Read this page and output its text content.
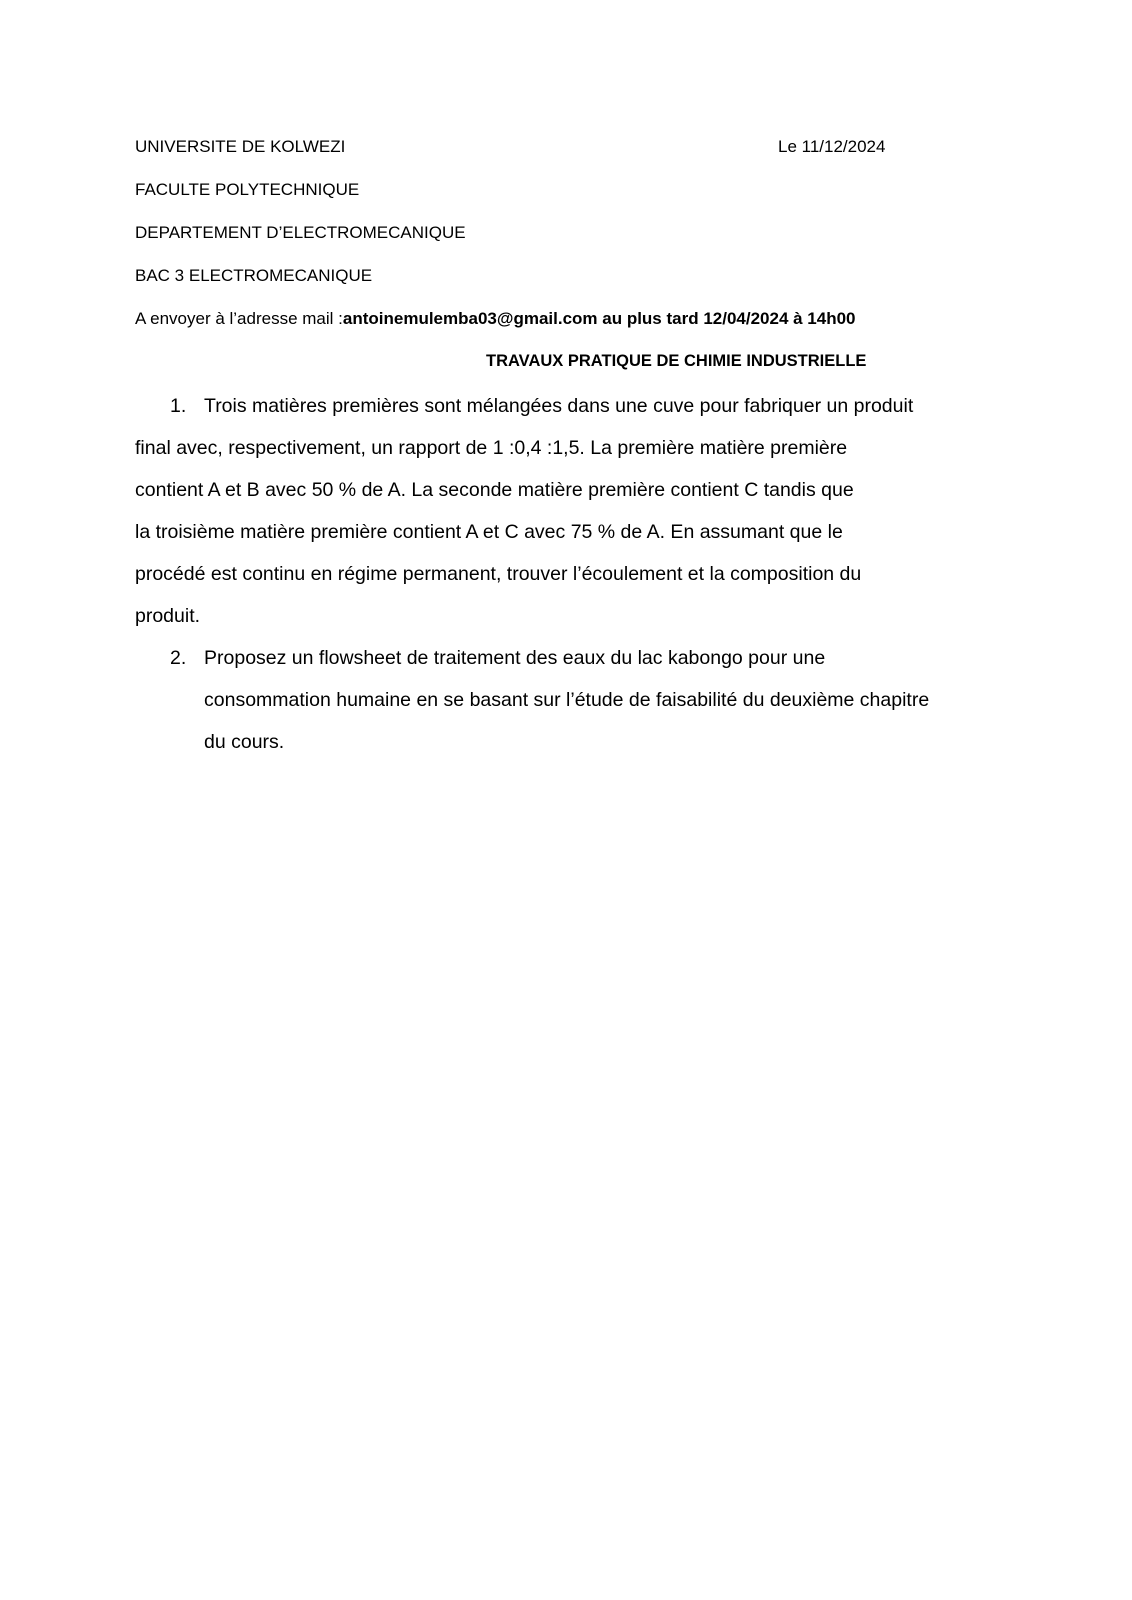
UNIVERSITE DE KOLWEZI	Le 11/12/2024
FACULTE POLYTECHNIQUE
DEPARTEMENT D’ELECTROMECANIQUE
BAC 3 ELECTROMECANIQUE
A envoyer à l’adresse mail :antoinemulemba03@gmail.com au plus tard 12/04/2024 à 14h00
TRAVAUX PRATIQUE DE CHIMIE INDUSTRIELLE
1. Trois matières premières sont mélangées dans une cuve pour fabriquer un produit
final avec, respectivement, un rapport de 1 :0,4 :1,5. La première matière première
contient A et B avec 50 % de A. La seconde matière première contient C tandis que
la troisième matière première contient A et C avec 75 % de A. En assumant que le
procédé est continu en régime permanent, trouver l’écoulement et la composition du
produit.
2. Proposez un flowsheet de traitement des eaux du lac kabongo pour une
consommation humaine en se basant sur l’étude de faisabilité du deuxième chapitre
du cours.
